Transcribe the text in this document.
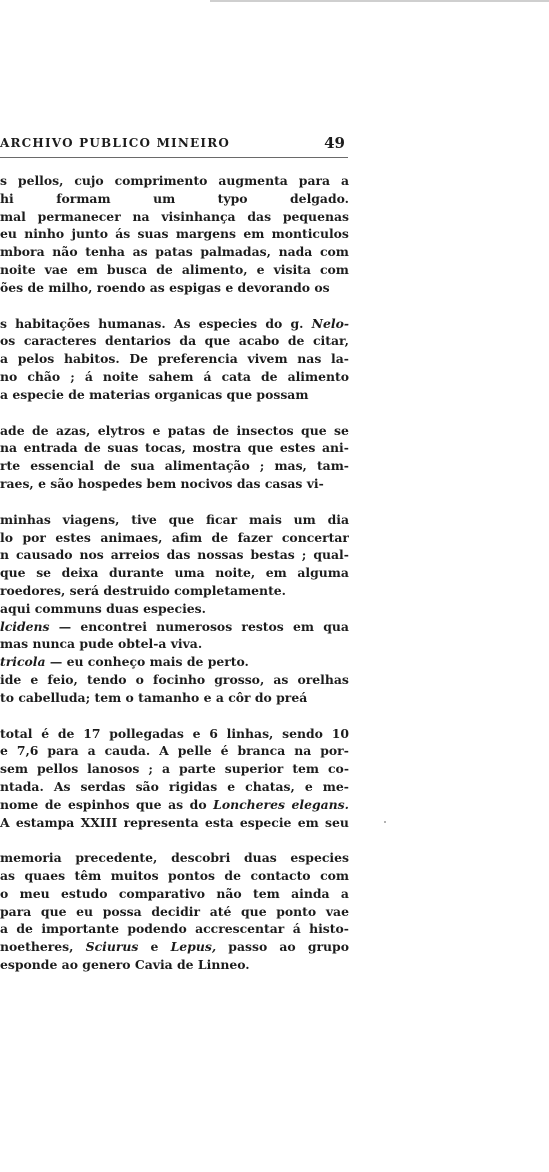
ARCHIVO PUBLICO MINEIRO	49
s pellos, cujo comprimento augmenta para a
hi	formam	um	typo	delgado.
mal permanecer na visinhança das pequenas
eu ninho junto ás suas margens em monticulos
mbora não tenha as patas palmadas, nada com
noite vae em busca de alimento, e visita com
ões
de
milho,
roendo
as
espigas
e
devorando
os
s habitações humanas. As especies do g. Nelo-
os caracteres dentarios da que acabo de citar,
a pelos habitos. De preferencia vivem nas la-
no chão ; á noite sahem á cata de alimento
a
especie
de
materias
organicas
que
possam
ade de azas, elytros e patas de insectos que se
na entrada de suas tocas, mostra que estes ani-
rte essencial de sua alimentação ; mas, tam-
raes,
e
são
hospedes
bem
nocivos
das
casas
vi-
minhas viagens, tive que ficar mais um dia
lo por estes animaes, afim de fazer concertar
n causado nos arreios das nossas bestas ; qual-
que se deixa durante uma noite, em alguma
roedores,
será
destruido
completamente.
aqui
communs
duas
especies.
lcidens — encontrei numerosos restos em qua
mas
nunca
pude
obtel-a
viva.
tricola
—
eu
conheço
mais
de
perto.
ide e feio, tendo o focinho grosso, as orelhas
to
cabelluda;
tem
o
tamanho
e
a
côr
do
preá
total é de 17 pollegadas e 6 linhas, sendo 10
e 7,6 para a cauda. A pelle é branca na por-
sem pellos lanosos ; a parte superior tem co-
ntada. As serdas são rigidas e chatas, e me-
nome de espinhos que as do Loncheres elegans.
A estampa XXIII representa esta especie em seu
memoria precedente, descobri duas especies
as quaes têm muitos pontos de contacto com
o meu estudo comparativo não tem ainda a
para que eu possa decidir até que ponto vae
a de importante podendo accrescentar á histo-
noetheres, Sciurus e Lepus, passo ao grupo
esponde
ao
genero
Cavia
de
Linneo.
